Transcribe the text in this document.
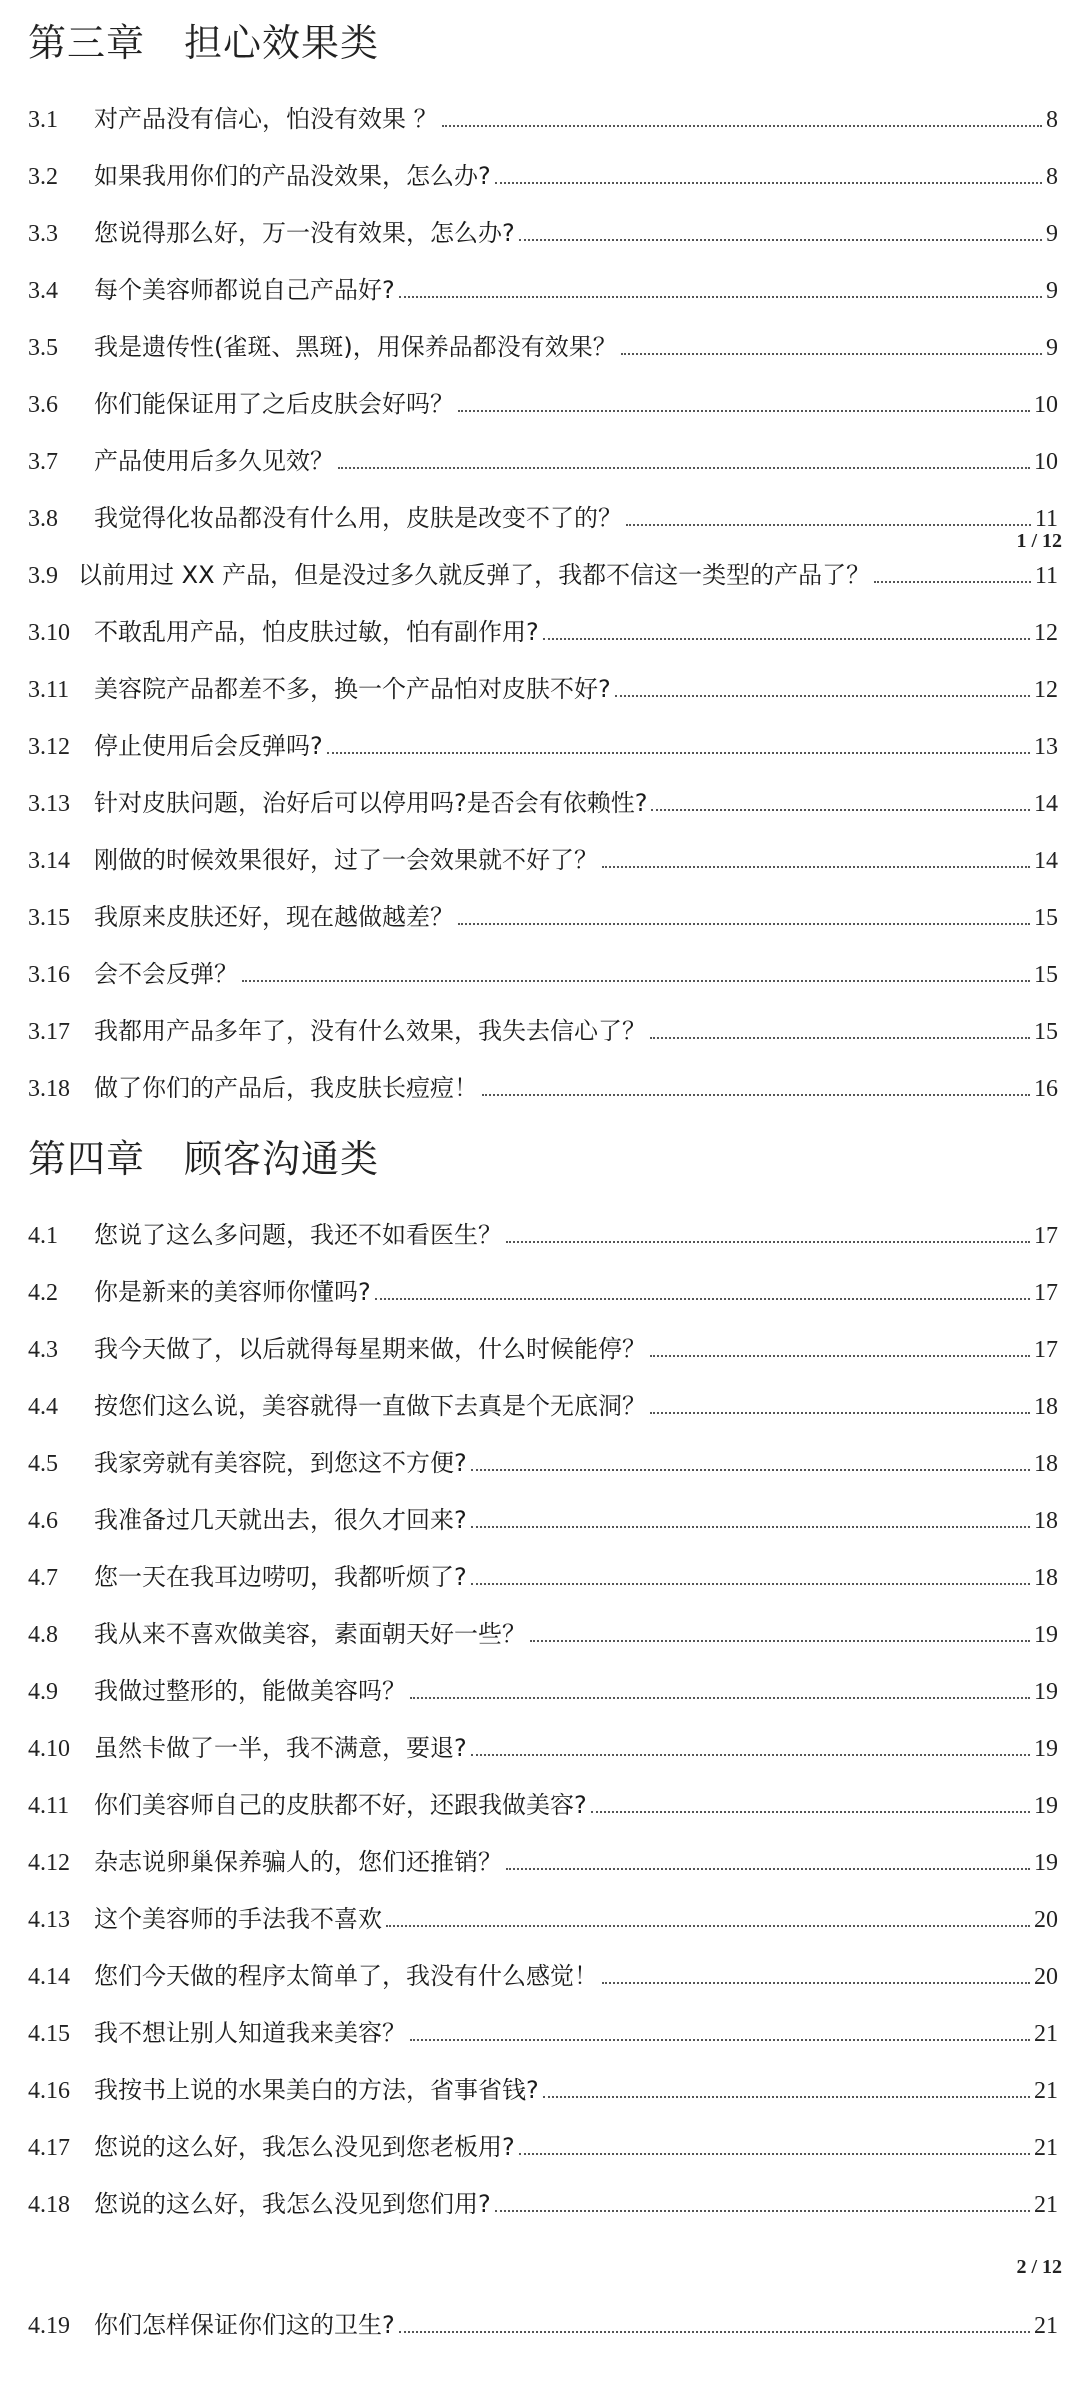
第三章　担心效果类
3.1	对产品没有信心，怕没有效果 ？	8
3.2	如果我用你们的产品没效果，怎么办?	8
3.3	您说得那么好，万一没有效果，怎么办?	9
3.4	每个美容师都说自己产品好?	9
3.5	我是遗传性(雀斑、黑斑)，用保养品都没有效果？	9
3.6	你们能保证用了之后皮肤会好吗？	10
3.7	产品使用后多久见效？	10
3.8	我觉得化妆品都没有什么用，皮肤是改变不了的？	11
1 / 12
3.9 以前用过 XX 产品，但是没过多久就反弹了，我都不信这一类型的产品了？	11
3.10	不敢乱用产品，怕皮肤过敏，怕有副作用?	12
3.11	美容院产品都差不多，换一个产品怕对皮肤不好?	12
3.12	停止使用后会反弹吗?	13
3.13	针对皮肤问题，治好后可以停用吗?是否会有依赖性?	14
3.14	刚做的时候效果很好，过了一会效果就不好了？	14
3.15	我原来皮肤还好，现在越做越差？	15
3.16	会不会反弹？	15
3.17	我都用产品多年了，没有什么效果，我失去信心了？	15
3.18	做了你们的产品后，我皮肤长痘痘！	16
第四章　顾客沟通类
4.1	您说了这么多问题，我还不如看医生？	17
4.2	你是新来的美容师你懂吗?	17
4.3	我今天做了，以后就得每星期来做，什么时候能停？	17
4.4	按您们这么说，美容就得一直做下去真是个无底洞？	18
4.5	我家旁就有美容院，到您这不方便?	18
4.6	我准备过几天就出去，很久才回来?	18
4.7	您一天在我耳边唠叨，我都听烦了?	18
4.8	我从来不喜欢做美容，素面朝天好一些？	19
4.9	我做过整形的，能做美容吗？	19
4.10	虽然卡做了一半，我不满意，要退?	19
4.11	你们美容师自己的皮肤都不好，还跟我做美容?	19
4.12	杂志说卵巢保养骗人的，您们还推销？	19
4.13	这个美容师的手法我不喜欢	20
4.14	您们今天做的程序太简单了，我没有什么感觉！	20
4.15	我不想让别人知道我来美容？	21
4.16	我按书上说的水果美白的方法，省事省钱?	21
4.17	您说的这么好，我怎么没见到您老板用?	21
4.18	您说的这么好，我怎么没见到您们用?	21
2 / 12
4.19	你们怎样保证你们这的卫生?	21
